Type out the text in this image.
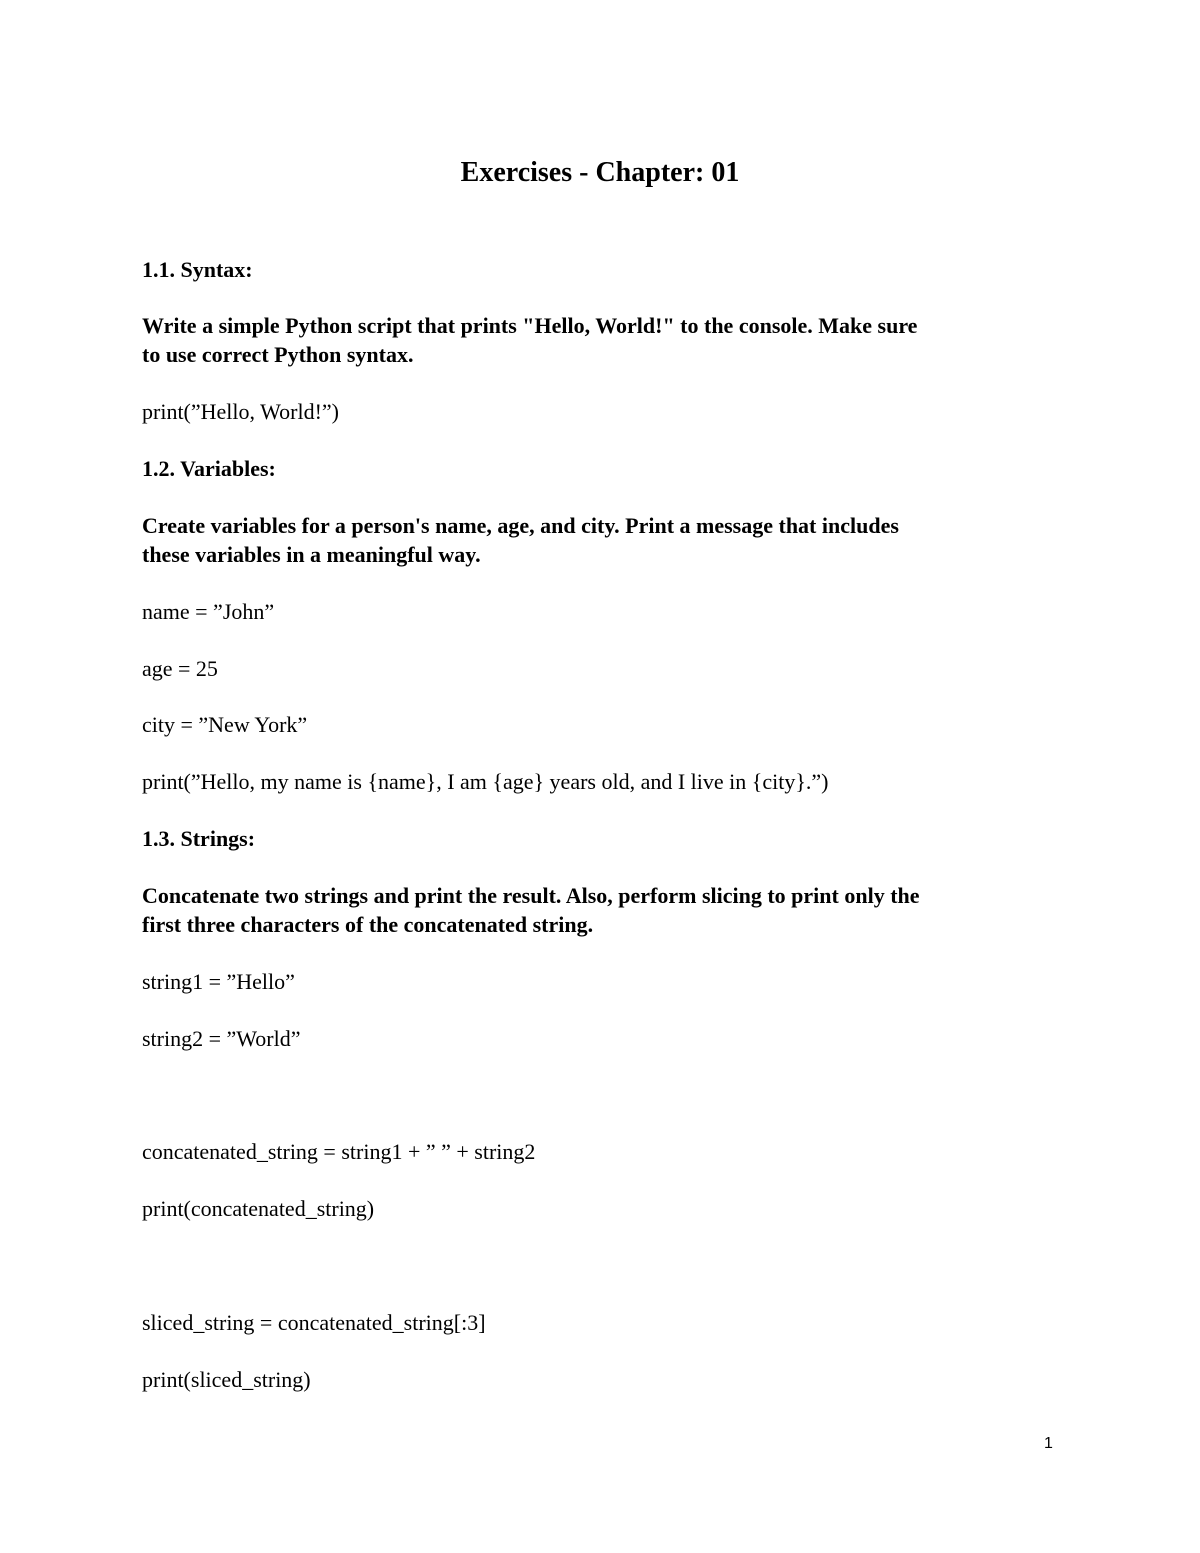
Exercises - Chapter: 01
1.1. Syntax:
Write a simple Python script that prints "Hello, World!" to the console. Make sure
to use correct Python syntax.
print(”Hello, World!”)
1.2. Variables:
Create variables for a person's name, age, and city. Print a message that includes
these variables in a meaningful way.
name = ”John”
age = 25
city = ”New York”
print(”Hello, my name is {name}, I am {age} years old, and I live in {city}.”)
1.3. Strings:
Concatenate two strings and print the result. Also, perform slicing to print only the
first three characters of the concatenated string.
string1 = ”Hello”
string2 = ”World”
concatenated_string = string1 + ” ” + string2
print(concatenated_string)
sliced_string = concatenated_string[:3]
print(sliced_string)
1
